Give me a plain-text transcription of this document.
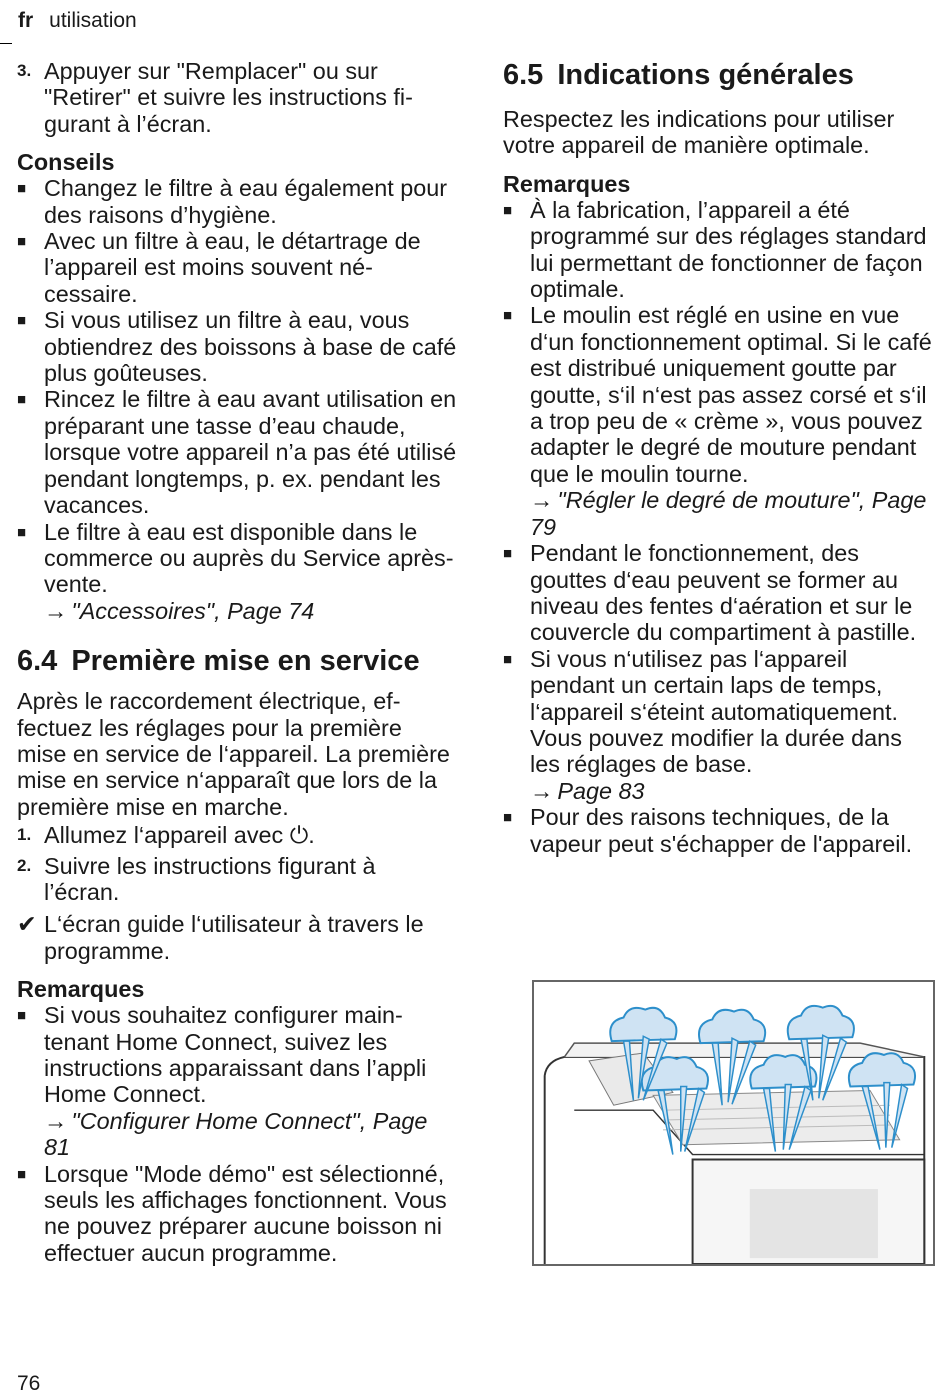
fr utilisation
3. Appuyer sur "Remplacer" ou sur "Retirer" et suivre les instructions figurant à l’écran.
Conseils
■ Changez le filtre à eau également pour des raisons d’hygiène.
■ Avec un filtre à eau, le détartrage de l’appareil est moins souvent nécessaire.
■ Si vous utilisez un filtre à eau, vous obtiendrez des boissons à base de café plus goûteuses.
■ Rincez le filtre à eau avant utilisation en préparant une tasse d’eau chaude, lorsque votre appareil n’a pas été utilisé pendant longtemps, p. ex. pendant les vacances.
■ Le filtre à eau est disponible dans le commerce ou auprès du Service après-vente.
→ "Accessoires", Page 74
6.4 Première mise en service

Après le raccordement électrique, effectuez les réglages pour la première mise en service de l‘appareil. La première mise en service n‘apparaît que lors de la première mise en marche.

1. Allumez l‘appareil avec ⏻.
2. Suivre les instructions figurant à l’écran.
✔ L‘écran guide l‘utilisateur à travers le programme.
Remarques
■ Si vous souhaitez configurer maintenant Home Connect, suivez les instructions apparaissant dans l’appli Home Connect.
→ "Configurer Home Connect", Page 81
■ Lorsque "Mode démo" est sélectionné, seuls les affichages fonctionnent. Vous ne pouvez préparer aucune boisson ni effectuer aucun programme.
6.5 Indications générales

Respectez les indications pour utiliser votre appareil de manière optimale.

Remarques
■ À la fabrication, l’appareil a été programmé sur des réglages standard lui permettant de fonctionner de façon optimale.
■ Le moulin est réglé en usine en vue d‘un fonctionnement optimal. Si le café est distribué uniquement goutte par goutte, s‘il n‘est pas assez corsé et s‘il a trop peu de « crème », vous pouvez adapter le degré de mouture pendant que le moulin tourne.
→ "Régler le degré de mouture", Page 79
■ Pendant le fonctionnement, des gouttes d‘eau peuvent se former au niveau des fentes d‘aération et sur le couvercle du compartiment à pastille.
■ Si vous n‘utilisez pas l‘appareil pendant un certain laps de temps, l‘appareil s‘éteint automatiquement. Vous pouvez modifier la durée dans les réglages de base.
→ Page 83
■ Pour des raisons techniques, de la vapeur peut s'échapper de l'appareil.
76
